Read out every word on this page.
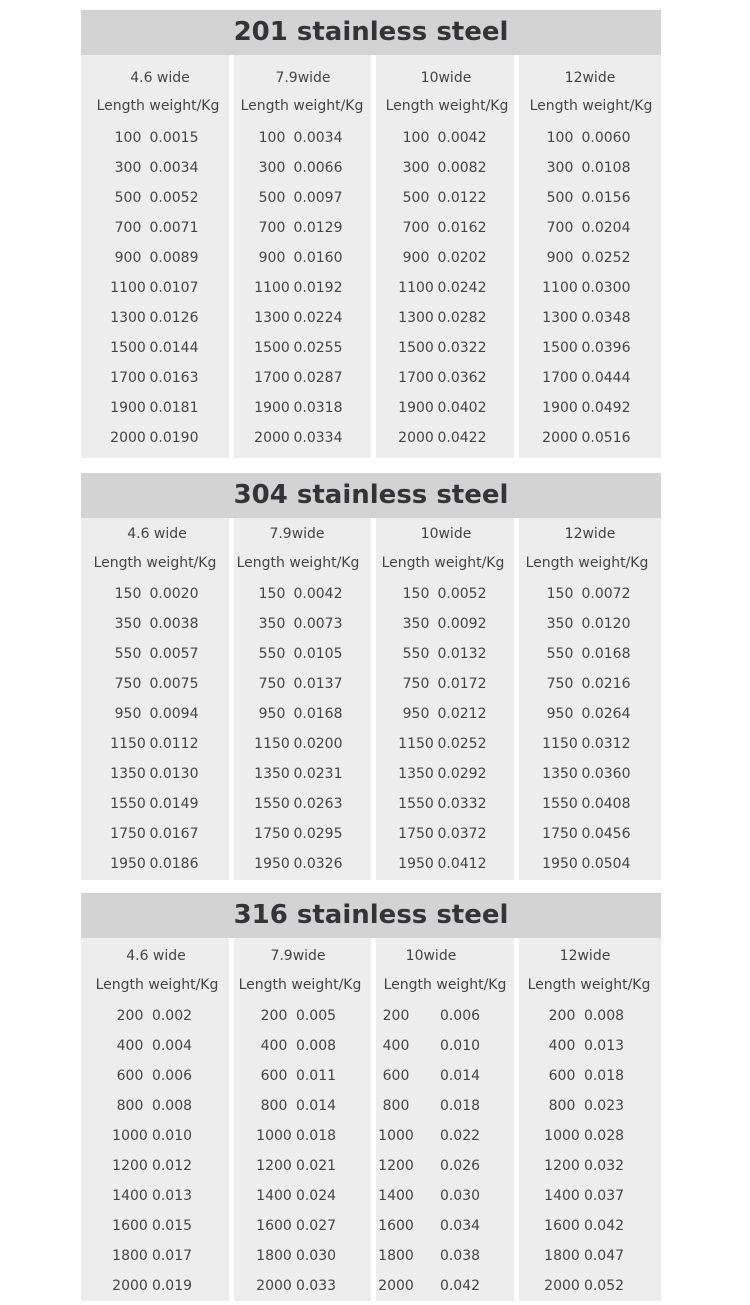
201 stainless steel
4.6 wide
Length weight/Kg
100 0.0015
300 0.0034
500 0.0052
700 0.0071
900 0.0089
1100 0.0107
1300 0.0126
1500 0.0144
1700 0.0163
1900 0.0181
2000 0.0190
7.9wide
Length weight/Kg
100 0.0034
300 0.0066
500 0.0097
700 0.0129
900 0.0160
1100 0.0192
1300 0.0224
1500 0.0255
1700 0.0287
1900 0.0318
2000 0.0334
10wide
Length weight/Kg
100 0.0042
300 0.0082
500 0.0122
700 0.0162
900 0.0202
1100 0.0242
1300 0.0282
1500 0.0322
1700 0.0362
1900 0.0402
2000 0.0422
12wide
Length weight/Kg
100 0.0060
300 0.0108
500 0.0156
700 0.0204
900 0.0252
1100 0.0300
1300 0.0348
1500 0.0396
1700 0.0444
1900 0.0492
2000 0.0516
304 stainless steel
4.6 wide
Length weight/Kg
150 0.0020
350 0.0038
550 0.0057
750 0.0075
950 0.0094
1150 0.0112
1350 0.0130
1550 0.0149
1750 0.0167
1950 0.0186
7.9wide
Length weight/Kg
150 0.0042
350 0.0073
550 0.0105
750 0.0137
950 0.0168
1150 0.0200
1350 0.0231
1550 0.0263
1750 0.0295
1950 0.0326
10wide
Length weight/Kg
150 0.0052
350 0.0092
550 0.0132
750 0.0172
950 0.0212
1150 0.0252
1350 0.0292
1550 0.0332
1750 0.0372
1950 0.0412
12wide
Length weight/Kg
150 0.0072
350 0.0120
550 0.0168
750 0.0216
950 0.0264
1150 0.0312
1350 0.0360
1550 0.0408
1750 0.0456
1950 0.0504
316 stainless steel
4.6 wide
Length weight/Kg
200 0.002
400 0.004
600 0.006
800 0.008
1000 0.010
1200 0.012
1400 0.013
1600 0.015
1800 0.017
2000 0.019
7.9wide
Length weight/Kg
200 0.005
400 0.008
600 0.011
800 0.014
1000 0.018
1200 0.021
1400 0.024
1600 0.027
1800 0.030
2000 0.033
10wide
Length weight/Kg
200	0.006
400	0.010
600	0.014
800	0.018
1000	0.022
1200	0.026
1400	0.030
1600	0.034
1800	0.038
2000	0.042
12wide
Length weight/Kg
200 0.008
400 0.013
600 0.018
800 0.023
1000 0.028
1200 0.032
1400 0.037
1600 0.042
1800 0.047
2000 0.052
